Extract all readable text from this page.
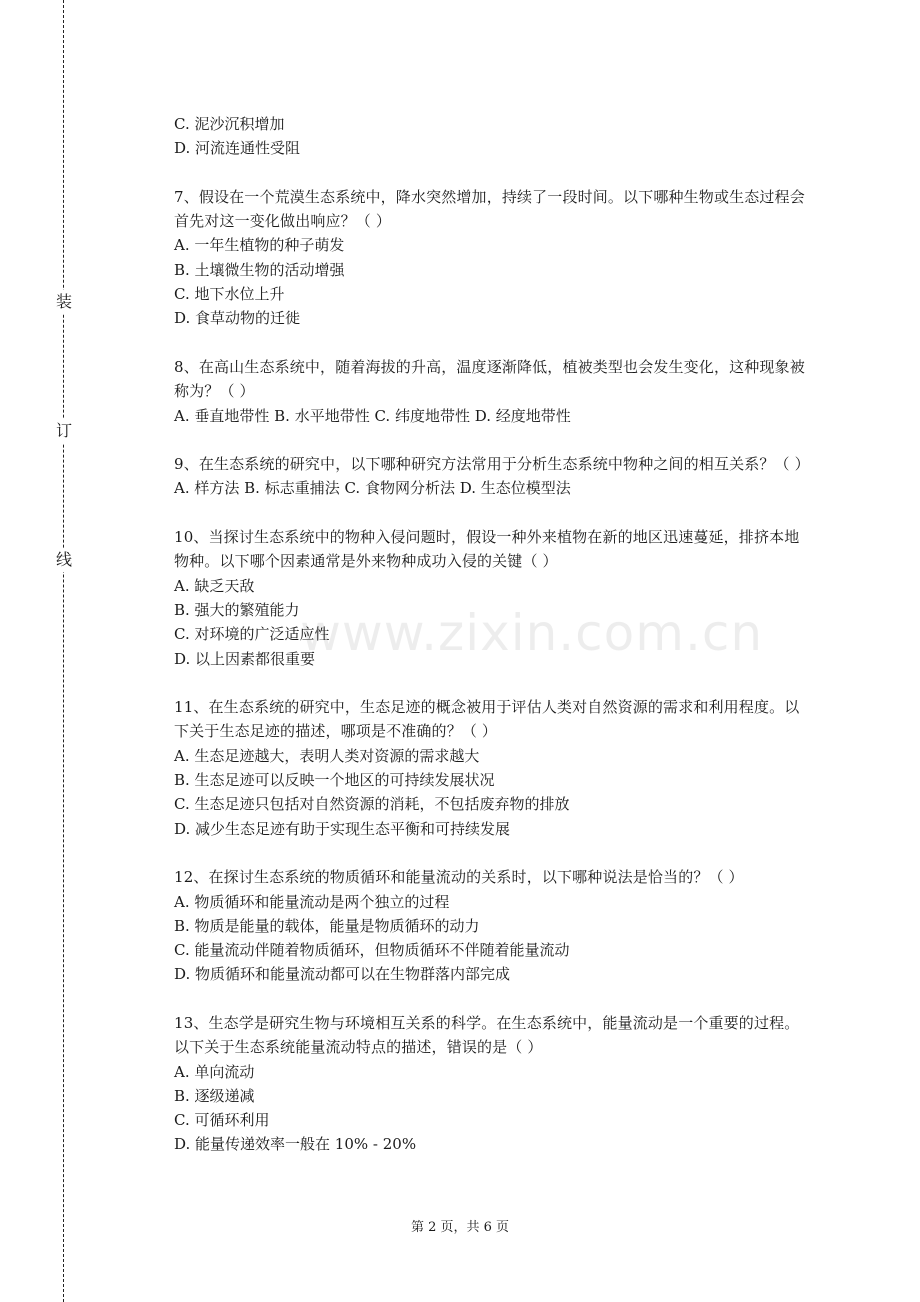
装
订
线
www.zixin.com.cn
C. 泥沙沉积增加
D. 河流连通性受阻
7、假设在一个荒漠生态系统中，降水突然增加，持续了一段时间。以下哪种生物或生态过程会首先对这一变化做出响应？（ ）
A. 一年生植物的种子萌发
B. 土壤微生物的活动增强
C. 地下水位上升
D. 食草动物的迁徙
8、在高山生态系统中，随着海拔的升高，温度逐渐降低，植被类型也会发生变化，这种现象被称为？（ ）
A. 垂直地带性 B. 水平地带性 C. 纬度地带性 D. 经度地带性
9、在生态系统的研究中，以下哪种研究方法常用于分析生态系统中物种之间的相互关系？（ ）
A. 样方法 B. 标志重捕法 C. 食物网分析法 D. 生态位模型法
10、当探讨生态系统中的物种入侵问题时，假设一种外来植物在新的地区迅速蔓延，排挤本地物种。以下哪个因素通常是外来物种成功入侵的关键（ ）
A. 缺乏天敌
B. 强大的繁殖能力
C. 对环境的广泛适应性
D. 以上因素都很重要
11、在生态系统的研究中，生态足迹的概念被用于评估人类对自然资源的需求和利用程度。以下关于生态足迹的描述，哪项是不准确的？（ ）
A. 生态足迹越大，表明人类对资源的需求越大
B. 生态足迹可以反映一个地区的可持续发展状况
C. 生态足迹只包括对自然资源的消耗，不包括废弃物的排放
D. 减少生态足迹有助于实现生态平衡和可持续发展
12、在探讨生态系统的物质循环和能量流动的关系时，以下哪种说法是恰当的？（ ）
A. 物质循环和能量流动是两个独立的过程
B. 物质是能量的载体，能量是物质循环的动力
C. 能量流动伴随着物质循环，但物质循环不伴随着能量流动
D. 物质循环和能量流动都可以在生物群落内部完成
13、生态学是研究生物与环境相互关系的科学。在生态系统中，能量流动是一个重要的过程。以下关于生态系统能量流动特点的描述，错误的是（ ）
A. 单向流动
B. 逐级递减
C. 可循环利用
D. 能量传递效率一般在 10% - 20%
第 2 页，共 6 页
